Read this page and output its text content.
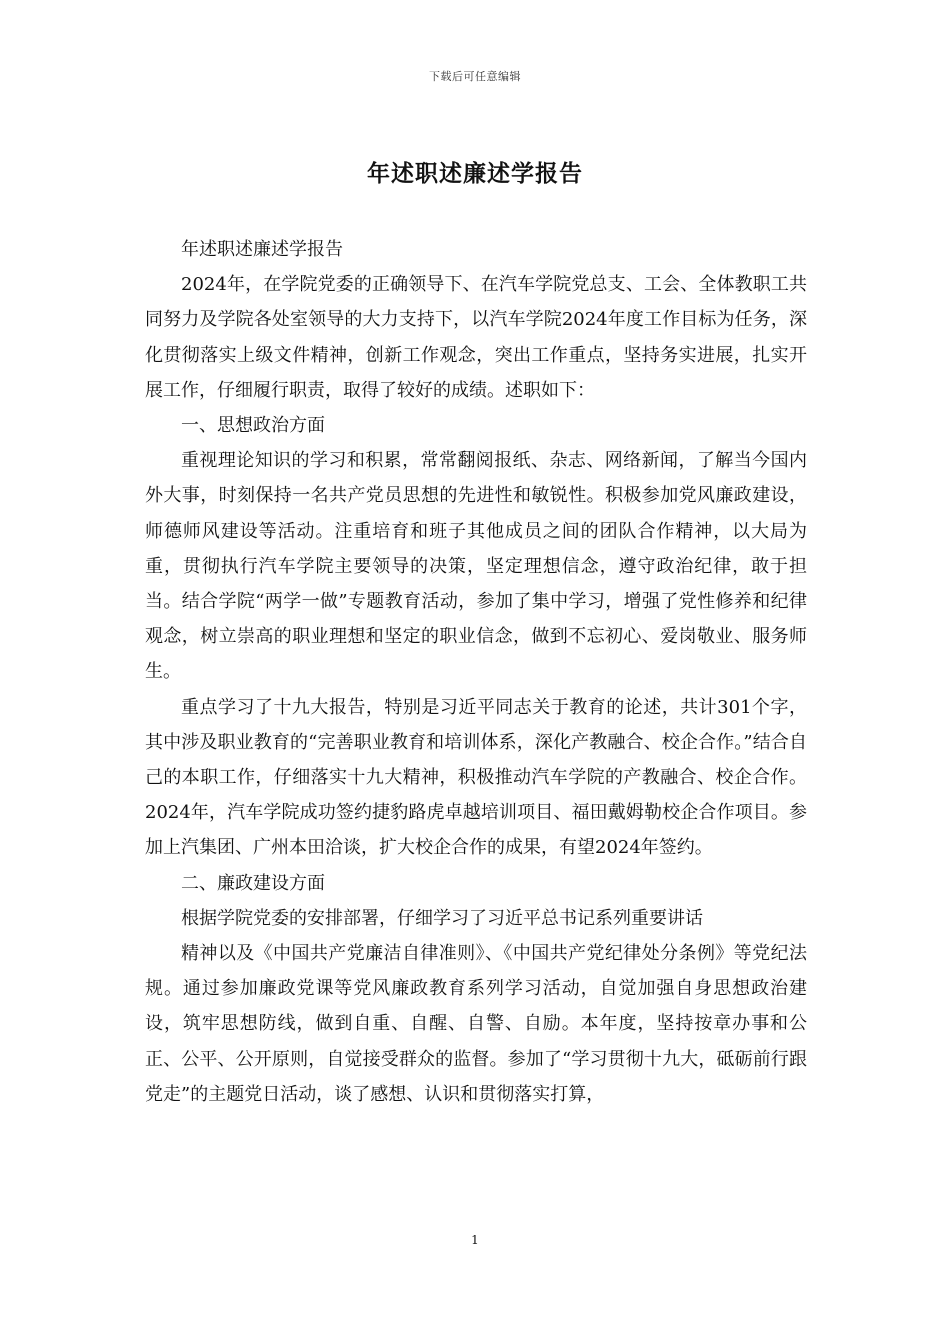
下载后可任意编辑
年述职述廉述学报告

年述职述廉述学报告

2024年，在学院党委的正确领导下、在汽车学院党总支、工会、全体教职工共同努力及学院各处室领导的大力支持下，以汽车学院2024年度工作目标为任务，深化贯彻落实上级文件精神，创新工作观念，突出工作重点，坚持务实进展，扎实开展工作，仔细履行职责，取得了较好的成绩。述职如下：

一、思想政治方面

重视理论知识的学习和积累，常常翻阅报纸、杂志、网络新闻，了解当今国内外大事，时刻保持一名共产党员思想的先进性和敏锐性。积极参加党风廉政建设，师德师风建设等活动。注重培育和班子其他成员之间的团队合作精神，以大局为重，贯彻执行汽车学院主要领导的决策，坚定理想信念，遵守政治纪律，敢于担当。结合学院“两学一做”专题教育活动，参加了集中学习，增强了党性修养和纪律观念，树立崇高的职业理想和坚定的职业信念，做到不忘初心、爱岗敬业、服务师生。

重点学习了十九大报告，特别是习近平同志关于教育的论述，共计301个字，其中涉及职业教育的“完善职业教育和培训体系，深化产教融合、校企合作。”结合自己的本职工作，仔细落实十九大精神，积极推动汽车学院的产教融合、校企合作。2024年，汽车学院成功签约捷豹路虎卓越培训项目、福田戴姆勒校企合作项目。参加上汽集团、广州本田洽谈，扩大校企合作的成果，有望2024年签约。

二、廉政建设方面

根据学院党委的安排部署，仔细学习了习近平总书记系列重要讲话

精神以及《中国共产党廉洁自律准则》、《中国共产党纪律处分条例》等党纪法规。通过参加廉政党课等党风廉政教育系列学习活动，自觉加强自身思想政治建设，筑牢思想防线，做到自重、自醒、自警、自励。本年度，坚持按章办事和公正、公平、公开原则，自觉接受群众的监督。参加了“学习贯彻十九大，砥砺前行跟党走”的主题党日活动，谈了感想、认识和贯彻落实打算，

1
